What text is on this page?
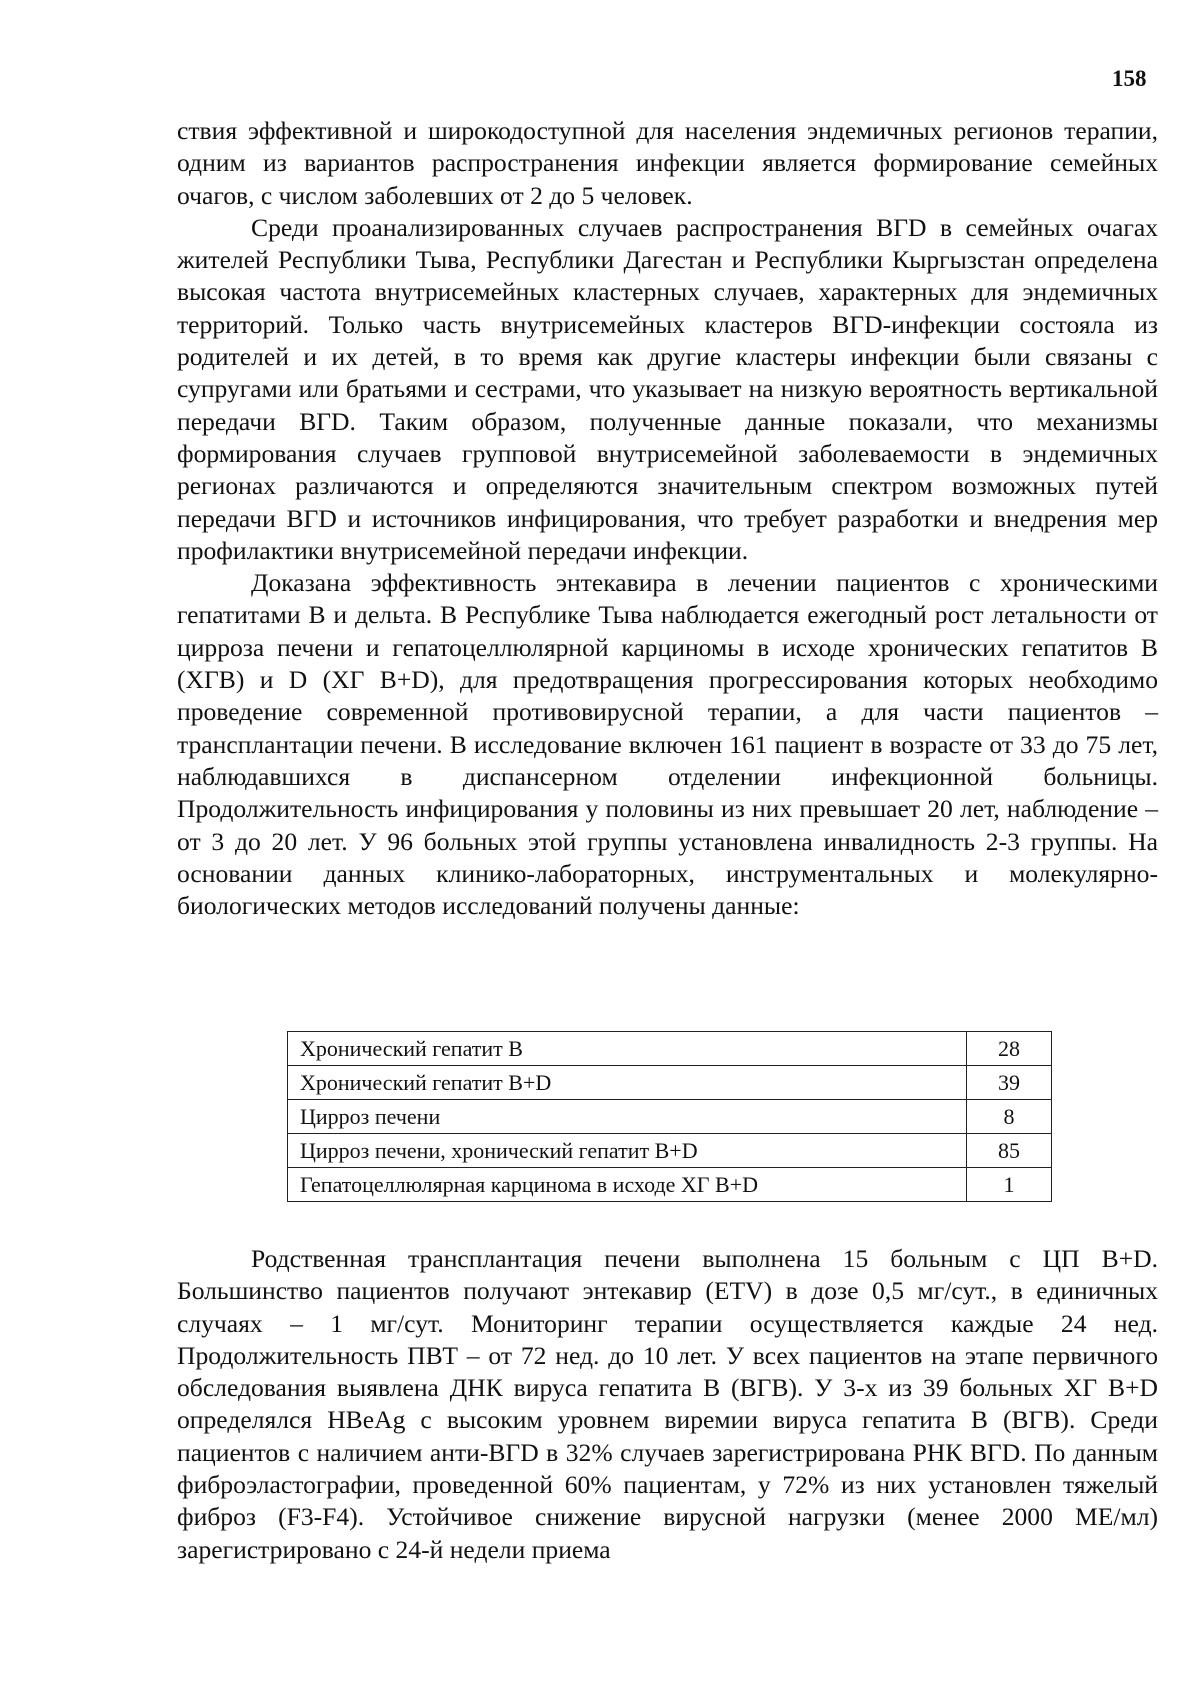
158

ствия эффективной и широкодоступной для населения эндемичных регионов терапии, одним из вариантов распространения инфекции является формирование семейных очагов, с числом заболевших от 2 до 5 человек.

Среди проанализированных случаев распространения ВГD в семейных очагах жителей Республики Тыва, Республики Дагестан и Республики Кыргызстан определена высокая частота внутрисемейных кластерных случаев, характерных для эндемичных территорий. Только часть внутрисемейных кластеров ВГD-инфекции состояла из родителей и их детей, в то время как другие кластеры инфекции были связаны с супругами или братьями и сестрами, что указывает на низкую вероятность вертикальной передачи ВГD. Таким образом, полученные данные показали, что механизмы формирования случаев групповой внутрисемейной заболеваемости в эндемичных регионах различаются и определяются значительным спектром возможных путей передачи ВГD и источников инфицирования, что требует разработки и внедрения мер профилактики внутрисемейной передачи инфекции.

Доказана эффективность энтекавира в лечении пациентов с хроническими гепатитами В и дельта. В Республике Тыва наблюдается ежегодный рост летальности от цирроза печени и гепатоцеллюлярной карциномы в исходе хронических гепатитов В (ХГВ) и D (ХГ В+D), для предотвращения прогрессирования которых необходимо проведение современной противовирусной терапии, а для части пациентов – трансплантации печени. В исследование включен 161 пациент в возрасте от 33 до 75 лет, наблюдавшихся в диспансерном отделении инфекционной больницы. Продолжительность инфицирования у половины из них превышает 20 лет, наблюдение – от 3 до 20 лет. У 96 больных этой группы установлена инвалидность 2-3 группы. На основании данных клинико-лабораторных, инструментальных и молекулярно-биологических методов исследований получены данные:

Хронический гепатит В	28
Хронический гепатит В+D	39
Цирроз печени	8
Цирроз печени, хронический гепатит В+D	85
Гепатоцеллюлярная карцинома в исходе ХГ В+D	1

Родственная трансплантация печени выполнена 15 больным с ЦП В+D. Большинство пациентов получают энтекавир (ETV) в дозе 0,5 мг/сут., в единичных случаях – 1 мг/сут. Мониторинг терапии осуществляется каждые 24 нед. Продолжительность ПВТ – от 72 нед. до 10 лет. У всех пациентов на этапе первичного обследования выявлена ДНК вируса гепатита В (ВГВ). У 3-х из 39 больных ХГ В+D определялся HBeAg с высоким уровнем виремии вируса гепатита В (ВГВ). Среди пациентов с наличием анти-ВГD в 32% случаев зарегистрирована РНК ВГD. По данным фиброэластографии, проведенной 60% пациентам, у 72% из них установлен тяжелый фиброз (F3-F4). Устойчивое снижение вирусной нагрузки (менее 2000 МЕ/мл) зарегистрировано с 24-й недели приема
